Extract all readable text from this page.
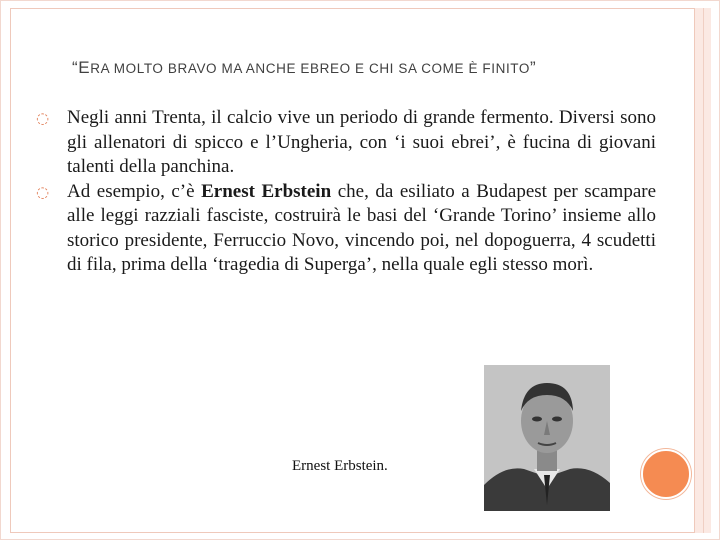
“ERA MOLTO BRAVO MA ANCHE EBREO E CHI SA COME È FINITO”
◌ Negli anni Trenta, il calcio vive un periodo di grande fermento. Diversi sono gli allenatori di spicco e l’Ungheria, con ‘i suoi ebrei’, è fucina di giovani talenti della panchina.
◌ Ad esempio, c’è Ernest Erbstein che, da esiliato a Budapest per scampare alle leggi razziali fasciste, costruirà le basi del ‘Grande Torino’ insieme allo storico presidente, Ferruccio Novo, vincendo poi, nel dopoguerra, 4 scudetti di fila, prima della ‘tragedia di Superga’, nella quale egli stesso morì.
Ernest Erbstein.
